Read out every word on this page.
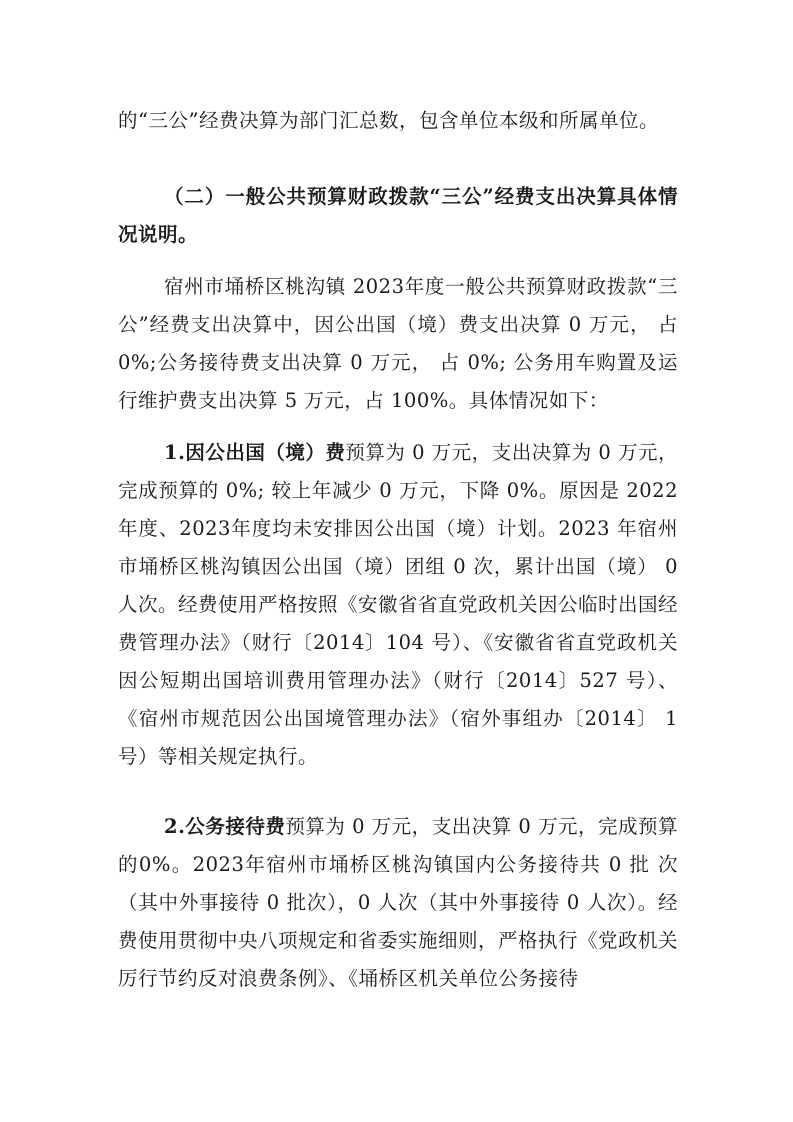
的“三公”经费决算为部门汇总数，包含单位本级和所属单位。

（二）一般公共预算财政拨款“三公”经费支出决算具体情况说明。

宿州市埇桥区桃沟镇 2023年度一般公共预算财政拨款“三公”经费支出决算中，因公出国（境）费支出决算 0 万元， 占 0%;公务接待费支出决算 0 万元， 占 0%; 公务用车购置及运行维护费支出决算 5 万元，占 100%。具体情况如下：

1.因公出国（境）费预算为 0 万元，支出决算为 0 万元，完成预算的 0%; 较上年减少 0 万元，下降 0%。原因是 2022 年度、2023年度均未安排因公出国（境）计划。2023 年宿州市埇桥区桃沟镇因公出国（境）团组 0 次，累计出国（境） 0 人次。经费使用严格按照《安徽省省直党政机关因公临时出国经费管理办法》（财行〔2014〕104 号）、《安徽省省直党政机关因公短期出国培训费用管理办法》（财行〔2014〕527 号）、《宿州市规范因公出国境管理办法》（宿外事组办〔2014〕 1 号）等相关规定执行。

2.公务接待费预算为 0 万元，支出决算 0 万元，完成预算的0%。2023年宿州市埇桥区桃沟镇国内公务接待共 0 批 次（其中外事接待 0 批次），0 人次（其中外事接待 0 人次）。经费使用贯彻中央八项规定和省委实施细则，严格执行《党政机关厉行节约反对浪费条例》、《埇桥区机关单位公务接待
